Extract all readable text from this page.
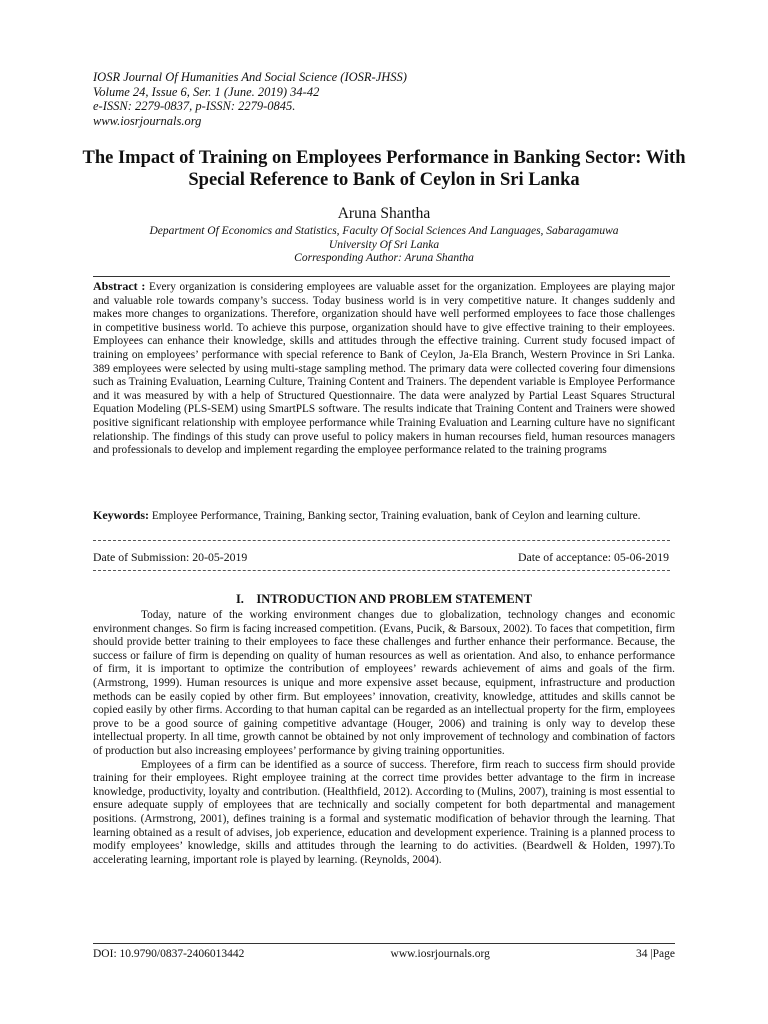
IOSR Journal Of Humanities And Social Science (IOSR-JHSS)
Volume 24, Issue 6, Ser. 1 (June. 2019) 34-42
e-ISSN: 2279-0837, p-ISSN: 2279-0845.
www.iosrjournals.org
The Impact of Training on Employees Performance in Banking Sector: With Special Reference to Bank of Ceylon in Sri Lanka
Aruna Shantha
Department Of Economics and Statistics, Faculty Of Social Sciences And Languages, Sabaragamuwa
University Of Sri Lanka
Corresponding Author: Aruna Shantha
Abstract : Every organization is considering employees are valuable asset for the organization. Employees are playing major and valuable role towards company’s success. Today business world is in very competitive nature. It changes suddenly and makes more changes to organizations. Therefore, organization should have well performed employees to face those challenges in competitive business world. To achieve this purpose, organization should have to give effective training to their employees. Employees can enhance their knowledge, skills and attitudes through the effective training. Current study focused impact of training on employees’ performance with special reference to Bank of Ceylon, Ja-Ela Branch, Western Province in Sri Lanka. 389 employees were selected by using multi-stage sampling method. The primary data were collected covering four dimensions such as Training Evaluation, Learning Culture, Training Content and Trainers. The dependent variable is Employee Performance and it was measured by with a help of Structured Questionnaire. The data were analyzed by Partial Least Squares Structural Equation Modeling (PLS-SEM) using SmartPLS software. The results indicate that Training Content and Trainers were showed positive significant relationship with employee performance while Training Evaluation and Learning culture have no significant relationship. The findings of this study can prove useful to policy makers in human recourses field, human resources managers and professionals to develop and implement regarding the employee performance related to the training programs
Keywords: Employee Performance, Training, Banking sector, Training evaluation, bank of Ceylon and learning culture.
Date of Submission: 20-05-2019	Date of acceptance: 05-06-2019
I.    INTRODUCTION AND PROBLEM STATEMENT

Today, nature of the working environment changes due to globalization, technology changes and economic environment changes. So firm is facing increased competition. (Evans, Pucik, & Barsoux, 2002). To faces that competition, firm should provide better training to their employees to face these challenges and further enhance their performance. Because, the success or failure of firm is depending on quality of human resources as well as orientation. And also, to enhance performance of firm, it is important to optimize the contribution of employees’ rewards achievement of aims and goals of the firm. (Armstrong, 1999). Human resources is unique and more expensive asset because, equipment, infrastructure and production methods can be easily copied by other firm. But employees’ innovation, creativity, knowledge, attitudes and skills cannot be copied easily by other firms. According to that human capital can be regarded as an intellectual property for the firm, employees prove to be a good source of gaining competitive advantage (Houger, 2006) and training is only way to develop these intellectual property. In all time, growth cannot be obtained by not only improvement of technology and combination of factors of production but also increasing employees’ performance by giving training opportunities.

Employees of a firm can be identified as a source of success. Therefore, firm reach to success firm should provide training for their employees. Right employee training at the correct time provides better advantage to the firm in increase knowledge, productivity, loyalty and contribution. (Healthfield, 2012). According to (Mulins, 2007), training is most essential to ensure adequate supply of employees that are technically and socially competent for both departmental and management positions. (Armstrong, 2001), defines training is a formal and systematic modification of behavior through the learning. That learning obtained as a result of advises, job experience, education and development experience. Training is a planned process to modify employees’ knowledge, skills and attitudes through the learning to do activities. (Beardwell & Holden, 1997).To accelerating learning, important role is played by learning. (Reynolds, 2004).

DOI: 10.9790/0837-2406013442	www.iosrjournals.org	34 |Page
